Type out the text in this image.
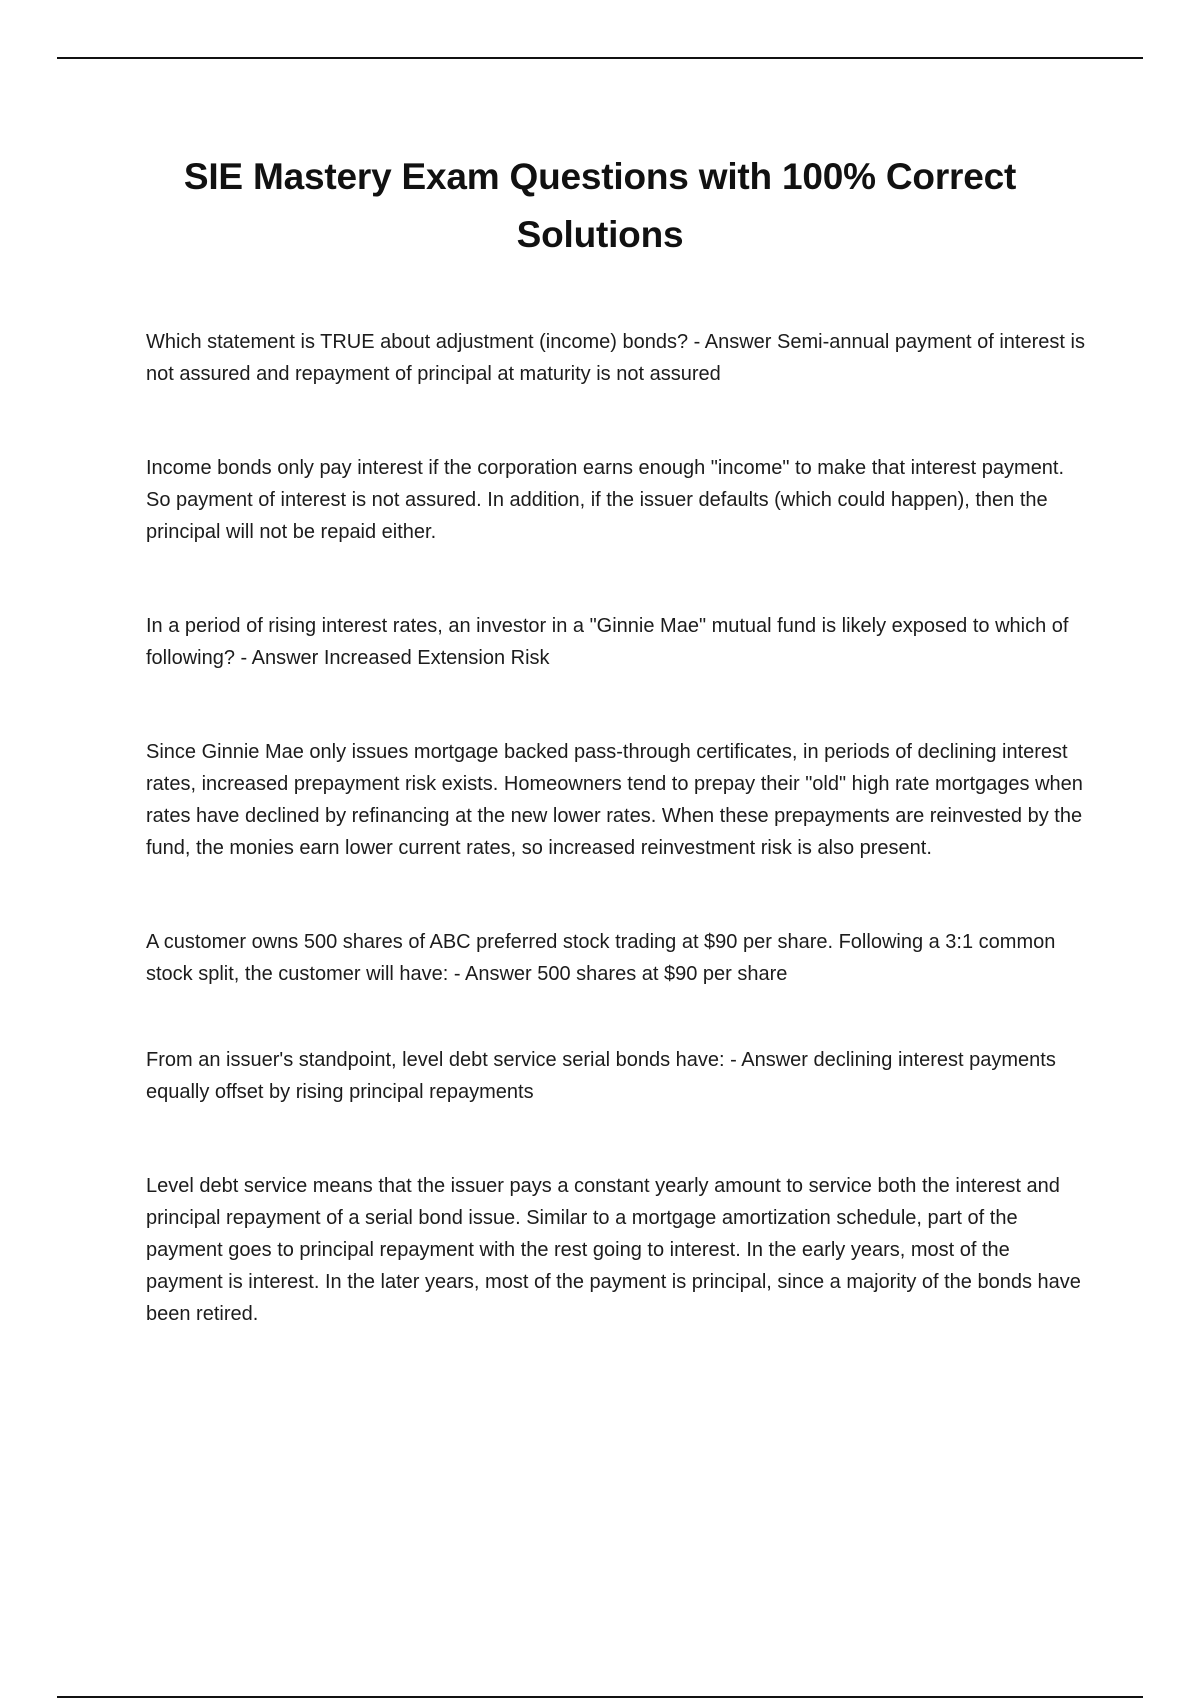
SIE Mastery Exam Questions with 100% Correct Solutions

Which statement is TRUE about adjustment (income) bonds? - Answer Semi-annual payment of interest is not assured and repayment of principal at maturity is not assured

Income bonds only pay interest if the corporation earns enough "income" to make that interest payment. So payment of interest is not assured. In addition, if the issuer defaults (which could happen), then the principal will not be repaid either.

In a period of rising interest rates, an investor in a "Ginnie Mae" mutual fund is likely exposed to which of following? - Answer Increased Extension Risk

Since Ginnie Mae only issues mortgage backed pass-through certificates, in periods of declining interest rates, increased prepayment risk exists. Homeowners tend to prepay their "old" high rate mortgages when rates have declined by refinancing at the new lower rates. When these prepayments are reinvested by the fund, the monies earn lower current rates, so increased reinvestment risk is also present.

A customer owns 500 shares of ABC preferred stock trading at $90 per share. Following a 3:1 common stock split, the customer will have: - Answer 500 shares at $90 per share

From an issuer's standpoint, level debt service serial bonds have: - Answer declining interest payments equally offset by rising principal repayments

Level debt service means that the issuer pays a constant yearly amount to service both the interest and principal repayment of a serial bond issue. Similar to a mortgage amortization schedule, part of the payment goes to principal repayment with the rest going to interest. In the early years, most of the payment is interest. In the later years, most of the payment is principal, since a majority of the bonds have been retired.
